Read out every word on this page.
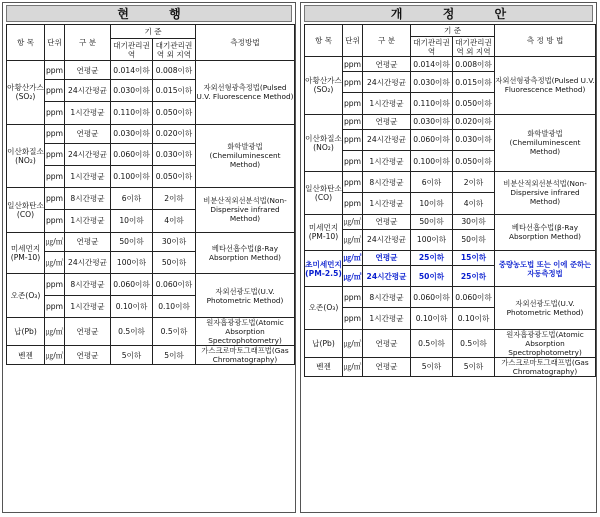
현 행
항 목	단위	구 분	기 준		측정방법
			대기관리권역	대기관리권역 외 지역	
아황산가스(SO₂)	ppm	연평균	0.014이하	0.008이하	자외선형광측정법(Pulsed U.V. Fluorescence Method)
	ppm	24시간평균	0.030이하	0.015이하	
	ppm	1시간평균	0.110이하	0.050이하	
이산화질소(NO₂)	ppm	연평균	0.030이하	0.020이하	화학발광법(Chemiluminescent Method)
	ppm	24시간평균	0.060이하	0.030이하	
	ppm	1시간평균	0.100이하	0.050이하	
일산화탄소(CO)	ppm	8시간평균	6이하	2이하	비분산적외선분석법(Non-Dispersive infrared Method)
	ppm	1시간평균	10이하	4이하	
미세먼지(PM-10)	㎍/㎥	연평균	50이하	30이하	베타선흡수법(β-Ray Absorption Method)
	㎍/㎥	24시간평균	100이하	50이하	
오존(O₃)	ppm	8시간평균	0.060이하	0.060이하	자외선광도법(U.V. Photometric Method)
	ppm	1시간평균	0.10이하	0.10이하	
납(Pb)	㎍/㎥	연평균	0.5이하	0.5이하	원자흡광광도법(Atomic Absorption Spectrophotometry)
벤젠	㎍/㎥	연평균	5이하	5이하	가스크로마토그래프법(Gas Chromatography)
개 정 안
항 목	단위	구 분	기 준		측 정 방 법
			대기관리권역	대기관리권역 외 지역	
아황산가스(SO₂)	ppm	연평균	0.014이하	0.008이하	자외선형광측정법(Pulsed U.V. Fluorescence Method)
	ppm	24시간평균	0.030이하	0.015이하	
	ppm	1시간평균	0.110이하	0.050이하	
이산화질소(NO₂)	ppm	연평균	0.030이하	0.020이하	화학발광법(Chemiluminescent Method)
	ppm	24시간평균	0.060이하	0.030이하	
	ppm	1시간평균	0.100이하	0.050이하	
일산화탄소(CO)	ppm	8시간평균	6이하	2이하	비분산적외선분석법(Non-Dispersive infrared Method)
	ppm	1시간평균	10이하	4이하	
미세먼지(PM-10)	㎍/㎥	연평균	50이하	30이하	베타선흡수법(β-Ray Absorption Method)
	㎍/㎥	24시간평균	100이하	50이하	
초미세먼지(PM-2.5)	㎍/㎥	연평균	25이하	15이하	중량농도법 또는 이에 준하는 자동측정법
	㎍/㎥	24시간평균	50이하	25이하	
오존(O₃)	ppm	8시간평균	0.060이하	0.060이하	자외선광도법(U.V. Photometric Method)
	ppm	1시간평균	0.10이하	0.10이하	
납(Pb)	㎍/㎥	연평균	0.5이하	0.5이하	원자흡광광도법(Atomic Absorption Spectrophotometry)
벤젠	㎍/㎥	연평균	5이하	5이하	가스크로마토그래프법(Gas Chromatography)
